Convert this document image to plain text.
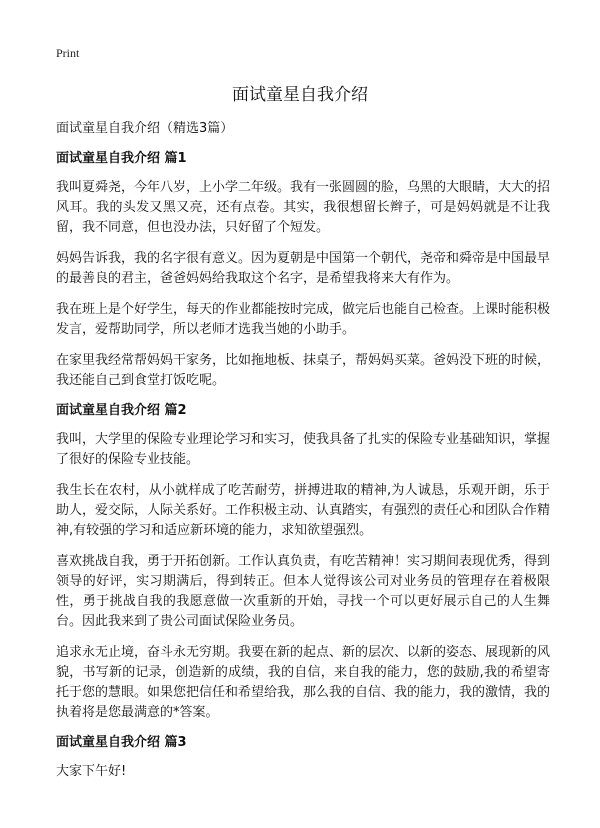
Print
面试童星自我介绍

面试童星自我介绍（精选3篇）

面试童星自我介绍 篇1

我叫夏舜尧，今年八岁，上小学二年级。我有一张圆圆的脸，乌黑的大眼睛，大大的招风耳。我的头发又黑又亮，还有点卷。其实，我很想留长辫子，可是妈妈就是不让我留，我不同意，但也没办法，只好留了个短发。

妈妈告诉我，我的名字很有意义。因为夏朝是中国第一个朝代，尧帝和舜帝是中国最早的最善良的君主，爸爸妈妈给我取这个名字，是希望我将来大有作为。

我在班上是个好学生，每天的作业都能按时完成，做完后也能自己检查。上课时能积极发言，爱帮助同学，所以老师才选我当她的小助手。

在家里我经常帮妈妈干家务，比如拖地板、抹桌子，帮妈妈买菜。爸妈没下班的时候，我还能自己到食堂打饭吃呢。

面试童星自我介绍 篇2

我叫，大学里的保险专业理论学习和实习，使我具备了扎实的保险专业基础知识，掌握了很好的保险专业技能。

我生长在农村，从小就样成了吃苦耐劳，拼搏进取的精神,为人诚恳，乐观开朗，乐于助人，爱交际，人际关系好。工作积极主动、认真踏实，有强烈的责任心和团队合作精神,有较强的学习和适应新环境的能力，求知欲望强烈。

喜欢挑战自我，勇于开拓创新。工作认真负责，有吃苦精神！实习期间表现优秀，得到领导的好评，实习期满后，得到转正。但本人觉得该公司对业务员的管理存在着极限性，勇于挑战自我的我愿意做一次重新的开始，寻找一个可以更好展示自己的人生舞台。因此我来到了贵公司面试保险业务员。

追求永无止境，奋斗永无穷期。我要在新的起点、新的层次、以新的姿态、展现新的风貌，书写新的记录，创造新的成绩，我的自信，来自我的能力，您的鼓励,我的希望寄托于您的慧眼。如果您把信任和希望给我，那么我的自信、我的能力，我的激情，我的执着将是您最满意的*答案。

面试童星自我介绍 篇3

大家下午好!
